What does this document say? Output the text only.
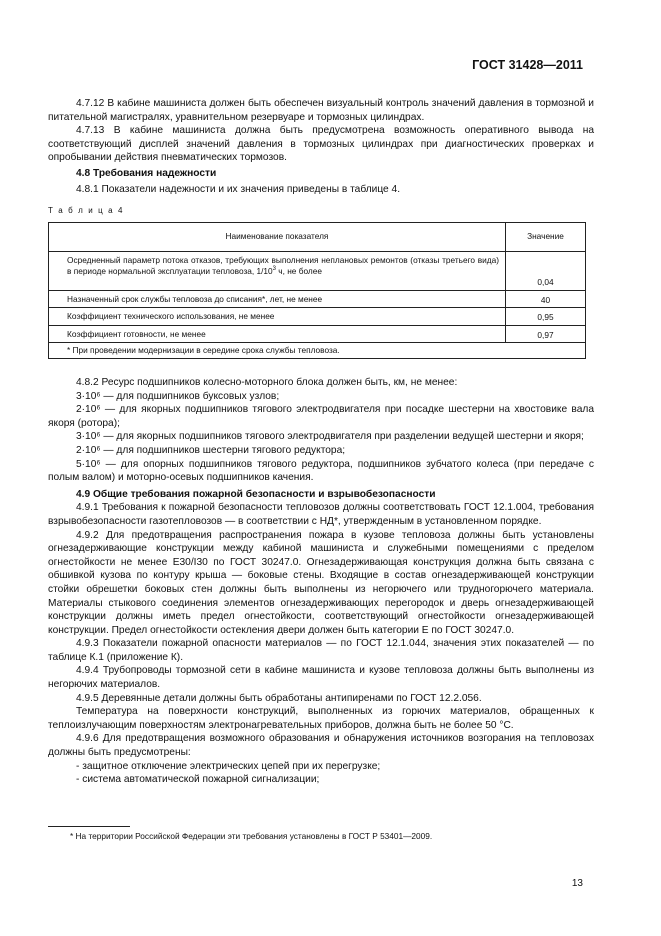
ГОСТ 31428—2011

4.7.12 В кабине машиниста должен быть обеспечен визуальный контроль значений давления в тормозной и питательной магистралях, уравнительном резервуаре и тормозных цилиндрах.

4.7.13 В кабине машиниста должна быть предусмотрена возможность оперативного вывода на соответствующий дисплей значений давления в тормозных цилиндрах при диагностических проверках и опробывании действия пневматических тормозов.

4.8 Требования надежности

4.8.1 Показатели надежности и их значения приведены в таблице 4.

Т а б л и ц а 4
Наименование показателя	Значение
Осредненный параметр потока отказов, требующих выполнения неплановых ремонтов (отказы третьего вида) в периоде нормальной эксплуатации тепловоза, $1/10^3$ ч, не более	0,04
Назначенный срок службы тепловоза до списания*, лет, не менее	40
Коэффициент технического использования, не менее	0,95
Коэффициент готовности, не менее	0,97
* При проведении модернизации в середине срока службы тепловоза.	

4.8.2 Ресурс подшипников колесно-моторного блока должен быть, км, не менее:

3·10⁶ — для подшипников буксовых узлов;

2·10⁶ — для якорных подшипников тягового электродвигателя при посадке шестерни на хвостовике вала якоря (ротора);

3·10⁶ — для якорных подшипников тягового электродвигателя при разделении ведущей шестерни и якоря;

2·10⁶ — для подшипников шестерни тягового редуктора;

5·10⁶ — для опорных подшипников тягового редуктора, подшипников зубчатого колеса (при передаче с полым валом) и моторно-осевых подшипников качения.

4.9 Общие требования пожарной безопасности и взрывобезопасности

4.9.1 Требования к пожарной безопасности тепловозов должны соответствовать ГОСТ 12.1.004, требования взрывобезопасности газотепловозов — в соответствии с НД*, утвержденным в установленном порядке.

4.9.2 Для предотвращения распространения пожара в кузове тепловоза должны быть установлены огнезадерживающие конструкции между кабиной машиниста и служебными помещениями с пределом огнестойкости не менее Е30/I30 по ГОСТ 30247.0. Огнезадерживающая конструкция должна быть связана с обшивкой кузова по контуру крыша — боковые стены. Входящие в состав огнезадерживающей конструкции стойки обрешетки боковых стен должны быть выполнены из негорючего или трудногорючего материала. Материалы стыкового соединения элементов огнезадерживающих перегородок и дверь огнезадерживающей конструкции должны иметь предел огнестойкости, соответствующий огнестойкости огнезадерживающей конструкции. Предел огнестойкости остекления двери должен быть категории Е по ГОСТ 30247.0.

4.9.3 Показатели пожарной опасности материалов — по ГОСТ 12.1.044, значения этих показателей — по таблице К.1 (приложение К).

4.9.4 Трубопроводы тормозной сети в кабине машиниста и кузове тепловоза должны быть выполнены из негорючих материалов.

4.9.5 Деревянные детали должны быть обработаны антипиренами по ГОСТ 12.2.056.

Температура на поверхности конструкций, выполненных из горючих материалов, обращенных к теплоизлучающим поверхностям электронагревательных приборов, должна быть не более 50 °С.

4.9.6 Для предотвращения возможного образования и обнаружения источников возгорания на тепловозах должны быть предусмотрены:

- защитное отключение электрических цепей при их перегрузке;
- система автоматической пожарной сигнализации;
* На территории Российской Федерации эти требования установлены в ГОСТ Р 53401—2009.
13
